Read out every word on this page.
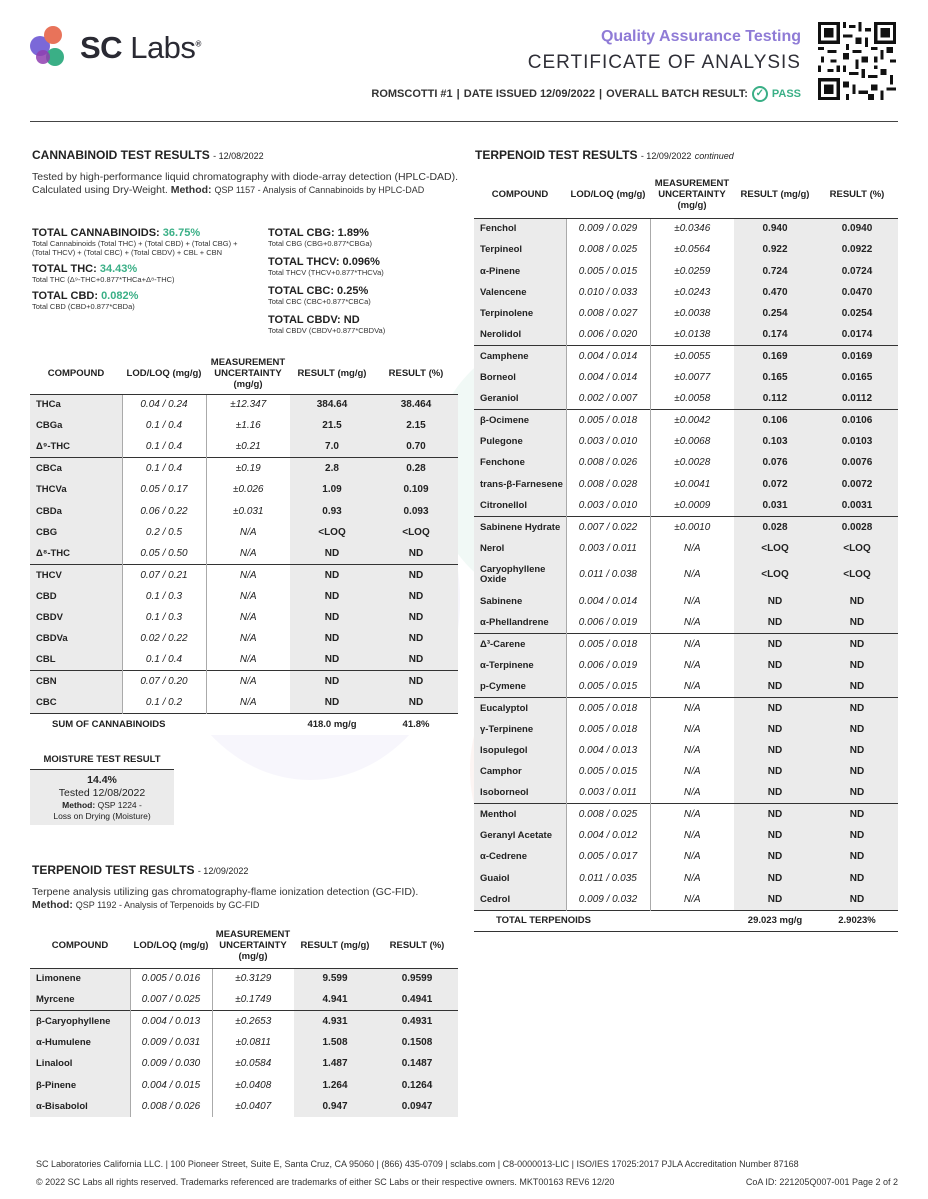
SC Labs®	Quality Assurance Testing
CERTIFICATE OF ANALYSIS
ROMSCOTTI #1 | DATE ISSUED 12/09/2022 | OVERALL BATCH RESULT: ✓ PASS
CANNABINOID TEST RESULTS - 12/08/2022
Tested by high-performance liquid chromatography with diode-array detection (HPLC-DAD). Calculated using Dry-Weight. Method: QSP 1157 - Analysis of Cannabinoids by HPLC-DAD
TOTAL CANNABINOIDS: 36.75%
Total Cannabinoids (Total THC) + (Total CBD) + (Total CBG) + (Total THCV) + (Total CBC) + (Total CBDV) + CBL + CBN
TOTAL THC: 34.43%
Total THC (Δ⁹-THC+0.877*THCa+Δ⁸-THC)
TOTAL CBD: 0.082%
Total CBD (CBD+0.877*CBDa)
TOTAL CBG: 1.89%
Total CBG (CBG+0.877*CBGa)
TOTAL THCV: 0.096%
Total THCV (THCV+0.877*THCVa)
TOTAL CBC: 0.25%
Total CBC (CBC+0.877*CBCa)
TOTAL CBDV: ND
Total CBDV (CBDV+0.877*CBDVa)
COMPOUND	LOD/LOQ (mg/g)	MEASUREMENT UNCERTAINTY (mg/g)	RESULT (mg/g)	RESULT (%)
THCa	0.04 / 0.24	±12.347	384.64	38.464
CBGa	0.1 / 0.4	±1.16	21.5	2.15
Δ⁹-THC	0.1 / 0.4	±0.21	7.0	0.70
CBCa	0.1 / 0.4	±0.19	2.8	0.28
THCVa	0.05 / 0.17	±0.026	1.09	0.109
CBDa	0.06 / 0.22	±0.031	0.93	0.093
CBG	0.2 / 0.5	N/A	<LOQ	<LOQ
Δ⁸-THC	0.05 / 0.50	N/A	ND	ND
THCV	0.07 / 0.21	N/A	ND	ND
CBD	0.1 / 0.3	N/A	ND	ND
CBDV	0.1 / 0.3	N/A	ND	ND
CBDVa	0.02 / 0.22	N/A	ND	ND
CBL	0.1 / 0.4	N/A	ND	ND
CBN	0.07 / 0.20	N/A	ND	ND
CBC	0.1 / 0.2	N/A	ND	ND
SUM OF CANNABINOIDS			418.0 mg/g	41.8%
MOISTURE TEST RESULT
14.4%
Tested 12/08/2022
Method: QSP 1224 -
Loss on Drying (Moisture)
TERPENOID TEST RESULTS - 12/09/2022
Terpene analysis utilizing gas chromatography-flame ionization detection (GC-FID). Method: QSP 1192 - Analysis of Terpenoids by GC-FID
COMPOUND	LOD/LOQ (mg/g)	MEASUREMENT UNCERTAINTY (mg/g)	RESULT (mg/g)	RESULT (%)
Limonene	0.005 / 0.016	±0.3129	9.599	0.9599
Myrcene	0.007 / 0.025	±0.1749	4.941	0.4941
β-Caryophyllene	0.004 / 0.013	±0.2653	4.931	0.4931
α-Humulene	0.009 / 0.031	±0.0811	1.508	0.1508
Linalool	0.009 / 0.030	±0.0584	1.487	0.1487
β-Pinene	0.004 / 0.015	±0.0408	1.264	0.1264
α-Bisabolol	0.008 / 0.026	±0.0407	0.947	0.0947
TERPENOID TEST RESULTS - 12/09/2022 continued
COMPOUND	LOD/LOQ (mg/g)	MEASUREMENT UNCERTAINTY (mg/g)	RESULT (mg/g)	RESULT (%)
Fenchol	0.009 / 0.029	±0.0346	0.940	0.0940
Terpineol	0.008 / 0.025	±0.0564	0.922	0.0922
α-Pinene	0.005 / 0.015	±0.0259	0.724	0.0724
Valencene	0.010 / 0.033	±0.0243	0.470	0.0470
Terpinolene	0.008 / 0.027	±0.0038	0.254	0.0254
Nerolidol	0.006 / 0.020	±0.0138	0.174	0.0174
Camphene	0.004 / 0.014	±0.0055	0.169	0.0169
Borneol	0.004 / 0.014	±0.0077	0.165	0.0165
Geraniol	0.002 / 0.007	±0.0058	0.112	0.0112
β-Ocimene	0.005 / 0.018	±0.0042	0.106	0.0106
Pulegone	0.003 / 0.010	±0.0068	0.103	0.0103
Fenchone	0.008 / 0.026	±0.0028	0.076	0.0076
trans-β-Farnesene	0.008 / 0.028	±0.0041	0.072	0.0072
Citronellol	0.003 / 0.010	±0.0009	0.031	0.0031
Sabinene Hydrate	0.007 / 0.022	±0.0010	0.028	0.0028
Nerol	0.003 / 0.011	N/A	<LOQ	<LOQ
Caryophyllene Oxide	0.011 / 0.038	N/A	<LOQ	<LOQ
Sabinene	0.004 / 0.014	N/A	ND	ND
α-Phellandrene	0.006 / 0.019	N/A	ND	ND
Δ³-Carene	0.005 / 0.018	N/A	ND	ND
α-Terpinene	0.006 / 0.019	N/A	ND	ND
p-Cymene	0.005 / 0.015	N/A	ND	ND
Eucalyptol	0.005 / 0.018	N/A	ND	ND
γ-Terpinene	0.005 / 0.018	N/A	ND	ND
Isopulegol	0.004 / 0.013	N/A	ND	ND
Camphor	0.005 / 0.015	N/A	ND	ND
Isoborneol	0.003 / 0.011	N/A	ND	ND
Menthol	0.008 / 0.025	N/A	ND	ND
Geranyl Acetate	0.004 / 0.012	N/A	ND	ND
α-Cedrene	0.005 / 0.017	N/A	ND	ND
Guaiol	0.011 / 0.035	N/A	ND	ND
Cedrol	0.009 / 0.032	N/A	ND	ND
TOTAL TERPENOIDS			29.023 mg/g	2.9023%
SC Laboratories California LLC. | 100 Pioneer Street, Suite E, Santa Cruz, CA 95060 | (866) 435-0709 | sclabs.com | C8-0000013-LIC | ISO/IES 17025:2017 PJLA Accreditation Number 87168
© 2022 SC Labs all rights reserved. Trademarks referenced are trademarks of either SC Labs or their respective owners. MKT00163 REV6 12/20	CoA ID: 221205Q007-001 Page 2 of 2
